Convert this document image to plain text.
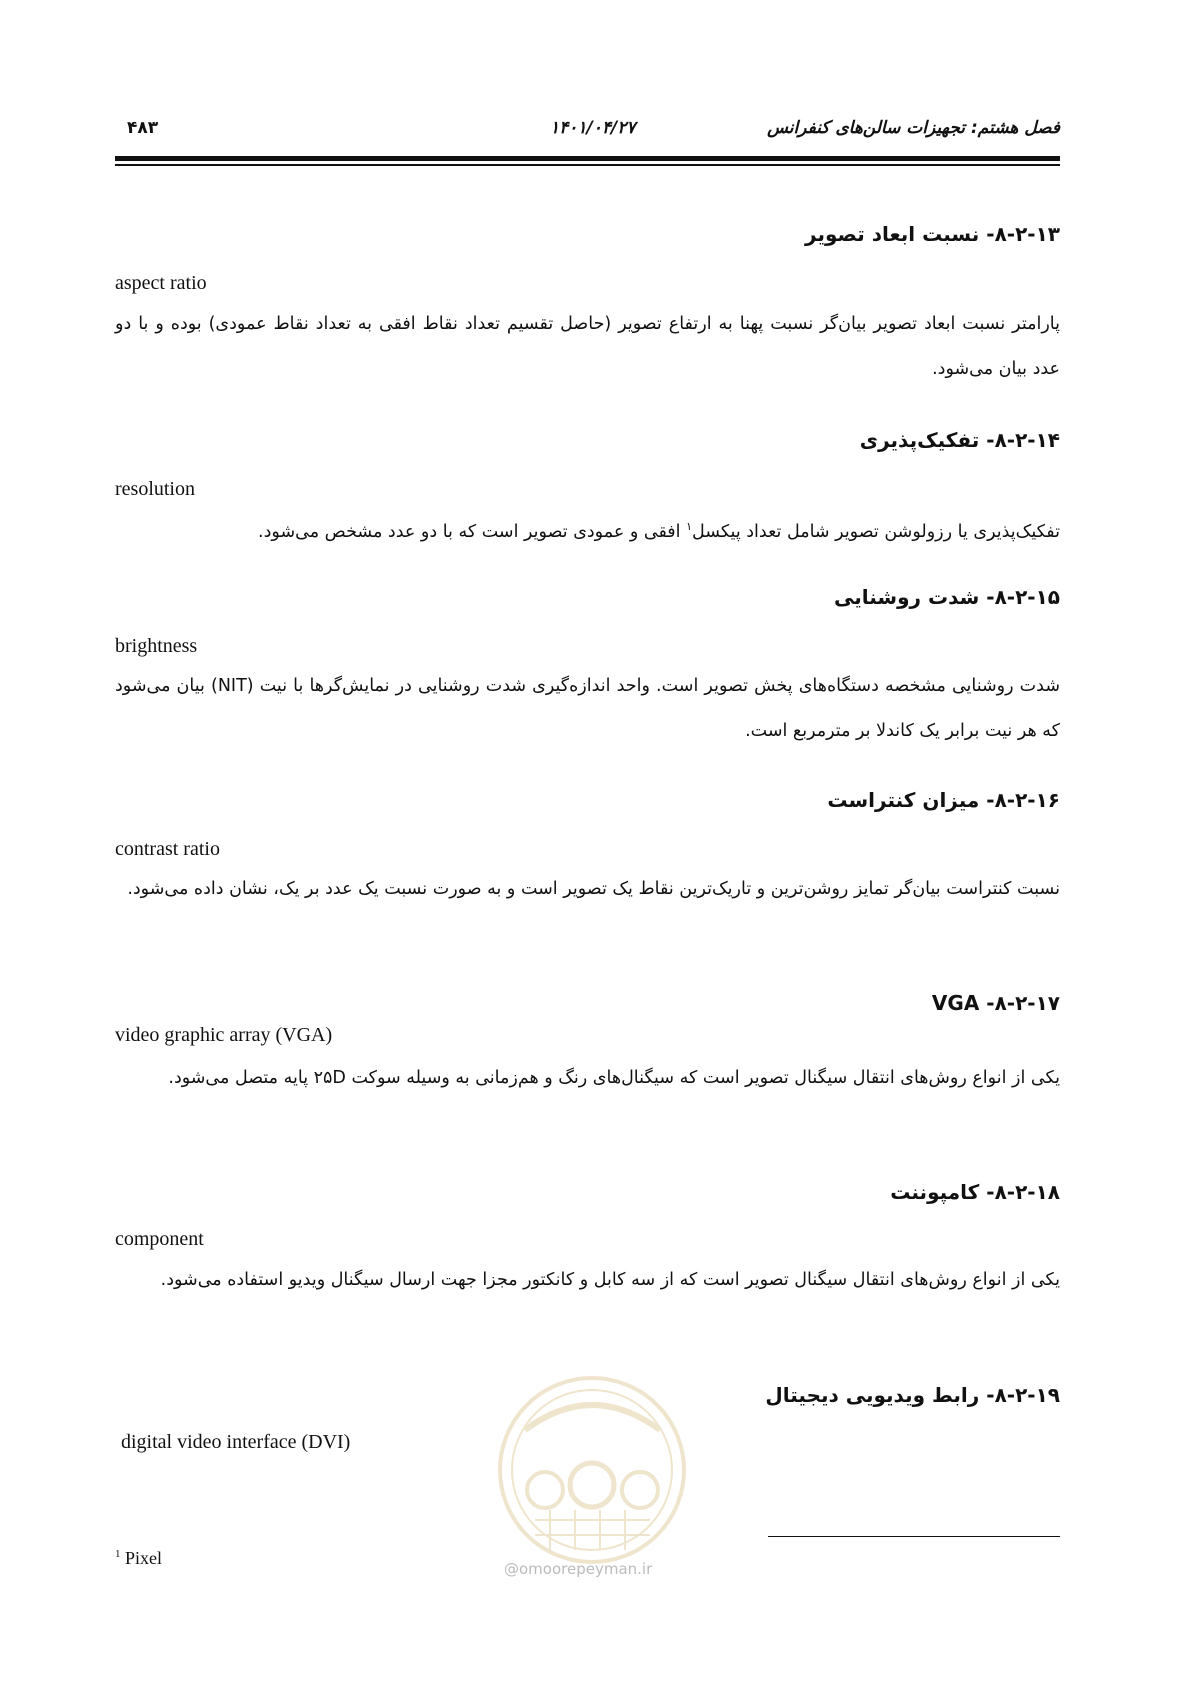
فصل هشتم: تجهیزات سالن‌های کنفرانس
۱۴۰۱/۰۴/۲۷
۴۸۳
۸-۲-۱۳- نسبت ابعاد تصویر
aspect ratio
پارامتر نسبت ابعاد تصویر بیان‌گر نسبت پهنا به ارتفاع تصویر (حاصل تقسیم تعداد نقاط افقی به تعداد نقاط عمودی) بوده و با دو عدد بیان می‌شود.
۸-۲-۱۴- تفکیک‌پذیری
resolution
تفکیک‌پذیری یا رزولوشن تصویر شامل تعداد پیکسل$^۱$ افقی و عمودی تصویر است که با دو عدد مشخص می‌شود.
۸-۲-۱۵- شدت روشنایی
brightness
شدت روشنایی مشخصه دستگاه‌های پخش تصویر است. واحد اندازه‌گیری شدت روشنایی در نمایش‌گرها با نیت (NIT) بیان می‌شود که هر نیت برابر یک کاندلا بر مترمربع است.
۸-۲-۱۶- میزان کنتراست
contrast ratio
نسبت کنتراست بیان‌گر تمایز روشن‌ترین و تاریک‌ترین نقاط یک تصویر است و به صورت نسبت یک عدد بر یک، نشان داده می‌شود.
۸-۲-۱۷- VGA
video graphic array (VGA)
یکی از انواع روش‌های انتقال سیگنال تصویر است که سیگنال‌های رنگ و هم‌زمانی به وسیله سوکت ۲۵D پایه متصل می‌شود.
۸-۲-۱۸- کامپوننت
component
یکی از انواع روش‌های انتقال سیگنال تصویر است که از سه کابل و کانکتور مجزا جهت ارسال سیگنال ویدیو استفاده می‌شود.
۸-۲-۱۹- رابط ویدیویی دیجیتال
digital video interface (DVI)
@omoorepeyman.ir
$^1$ Pixel
